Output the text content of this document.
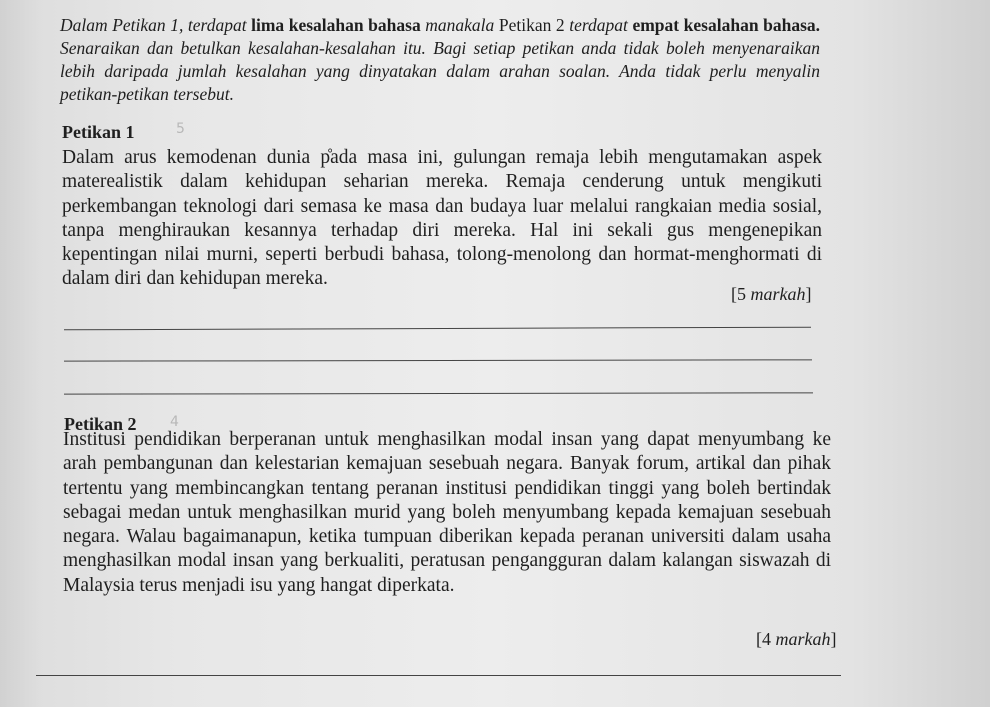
Dalam Petikan 1, terdapat lima kesalahan bahasa manakala Petikan 2 terdapat empat kesalahan bahasa. Senaraikan dan betulkan kesalahan-kesalahan itu. Bagi setiap petikan anda tidak boleh menyenaraikan lebih daripada jumlah kesalahan yang dinyatakan dalam arahan soalan. Anda tidak perlu menyalin petikan-petikan tersebut.
Petikan 1	5
Dalam arus kemodenan dunia p̊ada masa ini, gulungan remaja lebih mengutamakan aspek materealistik dalam kehidupan seharian mereka. Remaja cenderung untuk mengikuti perkembangan teknologi dari semasa ke masa dan budaya luar melalui rangkaian media sosial, tanpa menghiraukan kesannya terhadap diri mereka. Hal ini sekali gus mengenepikan kepentingan nilai murni, seperti berbudi bahasa, tolong-menolong dan hormat-menghormati di dalam diri dan kehidupan mereka.
[5 markah]
Petikan 2 4
Institusi pendidikan berperanan untuk menghasilkan modal insan yang dapat menyumbang ke arah pembangunan dan kelestarian kemajuan sesebuah negara. Banyak forum, artikal dan pihak tertentu yang membincangkan tentang peranan institusi pendidikan tinggi yang boleh bertindak sebagai medan untuk menghasilkan murid yang boleh menyumbang kepada kemajuan sesebuah negara. Walau bagaimanapun, ketika tumpuan diberikan kepada peranan universiti dalam usaha menghasilkan modal insan yang berkualiti, peratusan pengangguran dalam kalangan siswazah di Malaysia terus menjadi isu yang hangat diperkata.
[4 markah]
